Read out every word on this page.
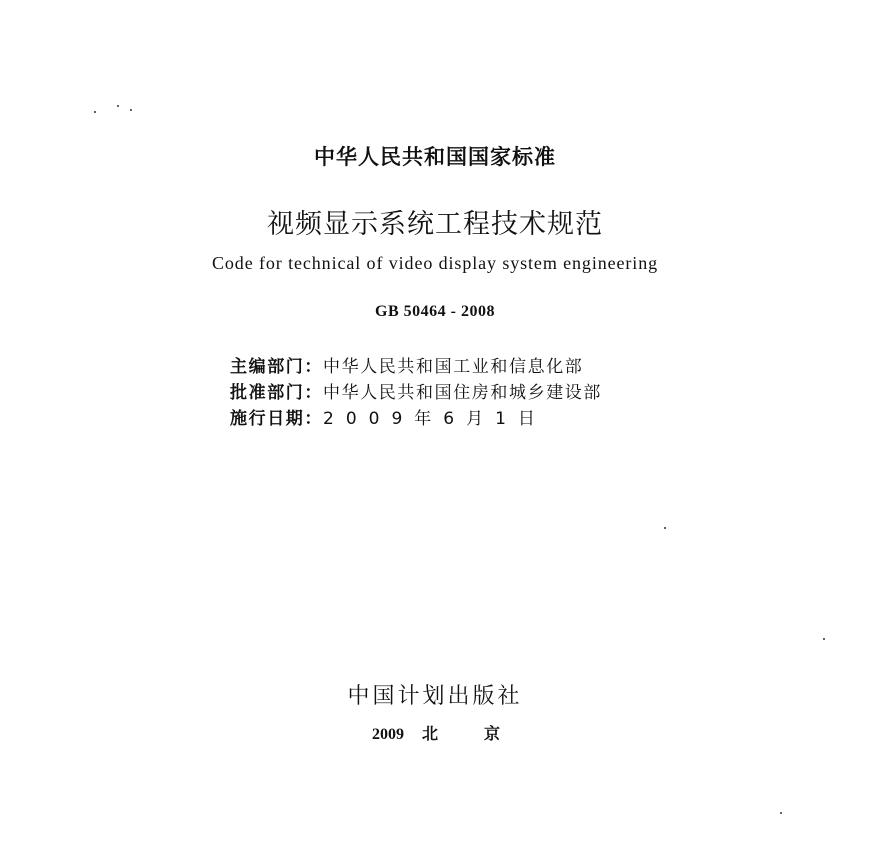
中华人民共和国国家标准
视频显示系统工程技术规范
Code for technical of video display system engineering
GB 50464 - 2008
主编部门：中华人民共和国工业和信息化部
批准部门：中华人民共和国住房和城乡建设部
施行日期：2009年6月1日
中国计划出版社
2009 北京
